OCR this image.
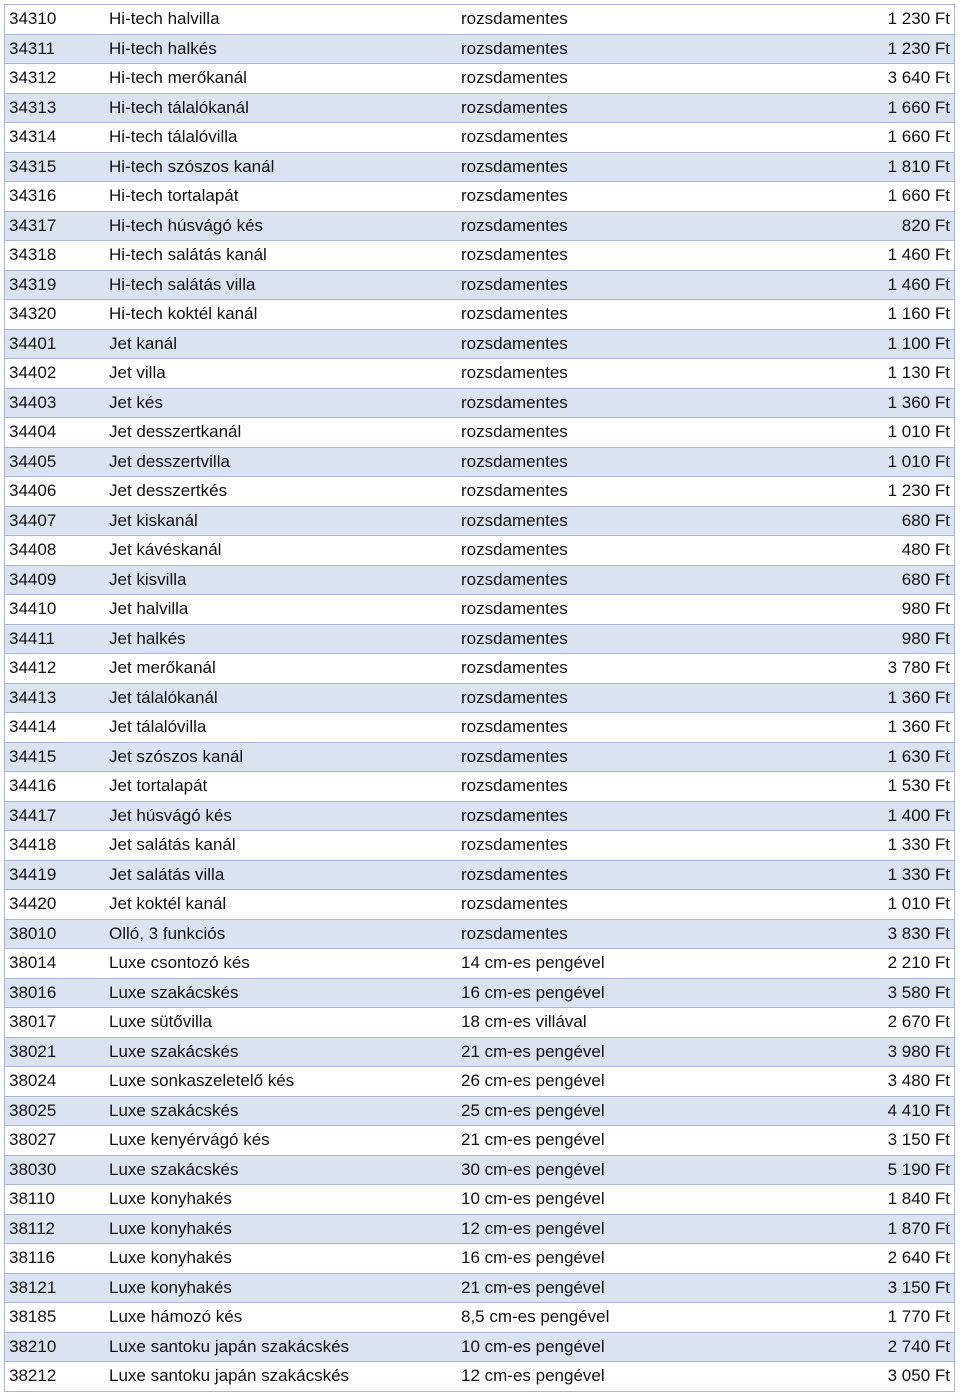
34310	Hi-tech halvilla	rozsdamentes	1 230 Ft
34311	Hi-tech halkés	rozsdamentes	1 230 Ft
34312	Hi-tech merőkanál	rozsdamentes	3 640 Ft
34313	Hi-tech tálalókanál	rozsdamentes	1 660 Ft
34314	Hi-tech tálalóvilla	rozsdamentes	1 660 Ft
34315	Hi-tech szószos kanál	rozsdamentes	1 810 Ft
34316	Hi-tech tortalapát	rozsdamentes	1 660 Ft
34317	Hi-tech húsvágó kés	rozsdamentes	820 Ft
34318	Hi-tech salátás kanál	rozsdamentes	1 460 Ft
34319	Hi-tech salátás villa	rozsdamentes	1 460 Ft
34320	Hi-tech koktél kanál	rozsdamentes	1 160 Ft
34401	Jet kanál	rozsdamentes	1 100 Ft
34402	Jet villa	rozsdamentes	1 130 Ft
34403	Jet kés	rozsdamentes	1 360 Ft
34404	Jet desszertkanál	rozsdamentes	1 010 Ft
34405	Jet desszertvilla	rozsdamentes	1 010 Ft
34406	Jet desszertkés	rozsdamentes	1 230 Ft
34407	Jet kiskanál	rozsdamentes	680 Ft
34408	Jet kávéskanál	rozsdamentes	480 Ft
34409	Jet kisvilla	rozsdamentes	680 Ft
34410	Jet halvilla	rozsdamentes	980 Ft
34411	Jet halkés	rozsdamentes	980 Ft
34412	Jet merőkanál	rozsdamentes	3 780 Ft
34413	Jet tálalókanál	rozsdamentes	1 360 Ft
34414	Jet tálalóvilla	rozsdamentes	1 360 Ft
34415	Jet szószos kanál	rozsdamentes	1 630 Ft
34416	Jet tortalapát	rozsdamentes	1 530 Ft
34417	Jet húsvágó kés	rozsdamentes	1 400 Ft
34418	Jet salátás kanál	rozsdamentes	1 330 Ft
34419	Jet salátás villa	rozsdamentes	1 330 Ft
34420	Jet koktél kanál	rozsdamentes	1 010 Ft
38010	Olló, 3 funkciós	rozsdamentes	3 830 Ft
38014	Luxe csontozó kés	14 cm-es pengével	2 210 Ft
38016	Luxe szakácskés	16 cm-es pengével	3 580 Ft
38017	Luxe sütővilla	18 cm-es villával	2 670 Ft
38021	Luxe szakácskés	21 cm-es pengével	3 980 Ft
38024	Luxe sonkaszeletelő kés	26 cm-es pengével	3 480 Ft
38025	Luxe szakácskés	25 cm-es pengével	4 410 Ft
38027	Luxe kenyérvágó kés	21 cm-es pengével	3 150 Ft
38030	Luxe szakácskés	30 cm-es pengével	5 190 Ft
38110	Luxe konyhakés	10 cm-es pengével	1 840 Ft
38112	Luxe konyhakés	12 cm-es pengével	1 870 Ft
38116	Luxe konyhakés	16 cm-es pengével	2 640 Ft
38121	Luxe konyhakés	21 cm-es pengével	3 150 Ft
38185	Luxe hámozó kés	8,5 cm-es pengével	1 770 Ft
38210	Luxe santoku japán szakácskés	10 cm-es pengével	2 740 Ft
38212	Luxe santoku japán szakácskés	12 cm-es pengével	3 050 Ft
